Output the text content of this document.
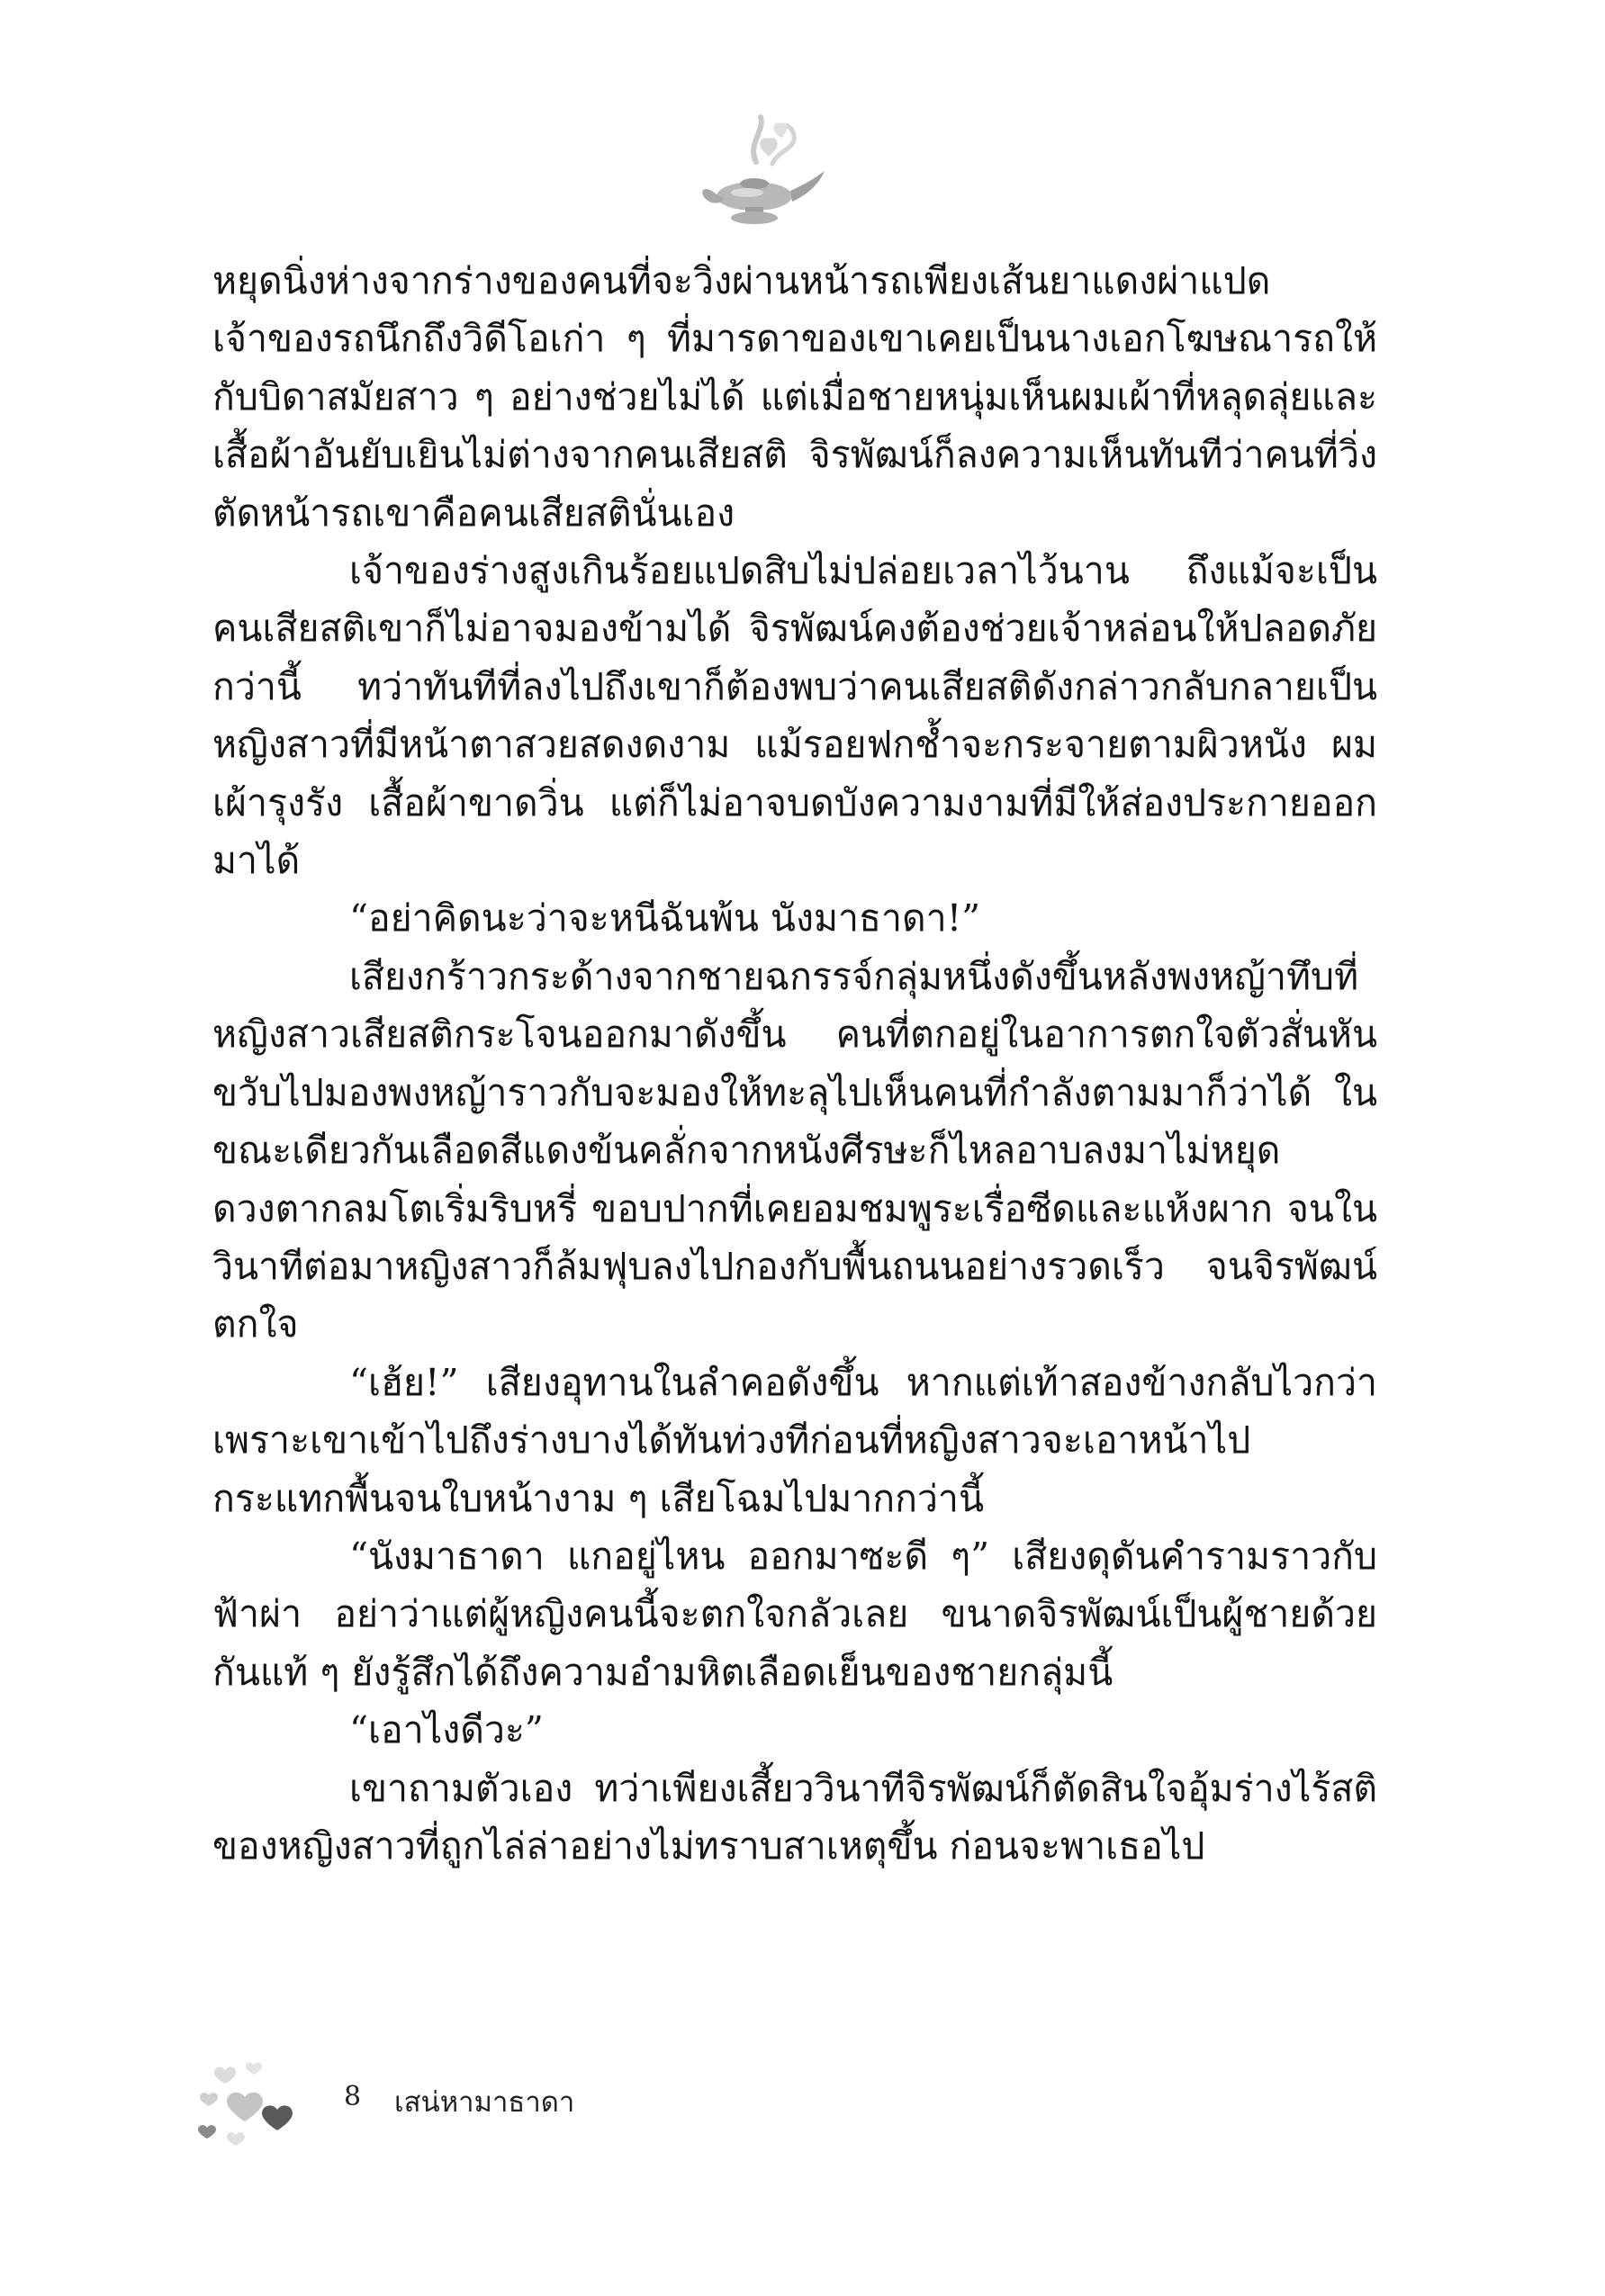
หยุดนิ่งห่างจากร่างของคนที่จะวิ่งผ่านหน้ารถเพียงเส้นยาแดงผ่าแปด เจ้าของรถนึกถึงวิดีโอเก่า ๆ ที่มารดาของเขาเคยเป็นนางเอกโฆษณารถให้กับบิดาสมัยสาว ๆ อย่างช่วยไม่ได้ แต่เมื่อชายหนุ่มเห็นผมเผ้าที่หลุดลุ่ยและเสื้อผ้าอันยับเยินไม่ต่างจากคนเสียสติ จิรพัฒน์ก็ลงความเห็นทันทีว่าคนที่วิ่งตัดหน้ารถเขาคือคนเสียสตินั่นเอง

เจ้าของร่างสูงเกินร้อยแปดสิบไม่ปล่อยเวลาไว้นาน ถึงแม้จะเป็นคนเสียสติเขาก็ไม่อาจมองข้ามได้ จิรพัฒน์คงต้องช่วยเจ้าหล่อนให้ปลอดภัยกว่านี้ ทว่าทันทีที่ลงไปถึงเขาก็ต้องพบว่าคนเสียสติดังกล่าวกลับกลายเป็นหญิงสาวที่มีหน้าตาสวยสดงดงาม แม้รอยฟกช้ำจะกระจายตามผิวหนัง ผมเผ้ารุงรัง เสื้อผ้าขาดวิ่น แต่ก็ไม่อาจบดบังความงามที่มีให้ส่องประกายออกมาได้

“อย่าคิดนะว่าจะหนีฉันพ้น นังมาธาดา!”

เสียงกร้าวกระด้างจากชายฉกรรจ์กลุ่มหนึ่งดังขึ้นหลังพงหญ้าทึบที่หญิงสาวเสียสติกระโจนออกมาดังขึ้น คนที่ตกอยู่ในอาการตกใจตัวสั่นหันขวับไปมองพงหญ้าราวกับจะมองให้ทะลุไปเห็นคนที่กำลังตามมาก็ว่าได้ ในขณะเดียวกันเลือดสีแดงข้นคลั่กจากหนังศีรษะก็ไหลอาบลงมาไม่หยุด ดวงตากลมโตเริ่มริบหรี่ ขอบปากที่เคยอมชมพูระเรื่อซีดและแห้งผาก จนในวินาทีต่อมาหญิงสาวก็ล้มฟุบลงไปกองกับพื้นถนนอย่างรวดเร็ว จนจิรพัฒน์ตกใจ

“เฮ้ย!” เสียงอุทานในลำคอดังขึ้น หากแต่เท้าสองข้างกลับไวกว่า เพราะเขาเข้าไปถึงร่างบางได้ทันท่วงทีก่อนที่หญิงสาวจะเอาหน้าไปกระแทกพื้นจนใบหน้างาม ๆ เสียโฉมไปมากกว่านี้

“นังมาธาดา แกอยู่ไหน ออกมาซะดี ๆ” เสียงดุดันคำรามราวกับฟ้าผ่า อย่าว่าแต่ผู้หญิงคนนี้จะตกใจกลัวเลย ขนาดจิรพัฒน์เป็นผู้ชายด้วยกันแท้ ๆ ยังรู้สึกได้ถึงความอำมหิตเลือดเย็นของชายกลุ่มนี้

“เอาไงดีวะ”

เขาถามตัวเอง ทว่าเพียงเสี้ยววินาทีจิรพัฒน์ก็ตัดสินใจอุ้มร่างไร้สติของหญิงสาวที่ถูกไล่ล่าอย่างไม่ทราบสาเหตุขึ้น ก่อนจะพาเธอไป

8 เสน่หามาธาดา
